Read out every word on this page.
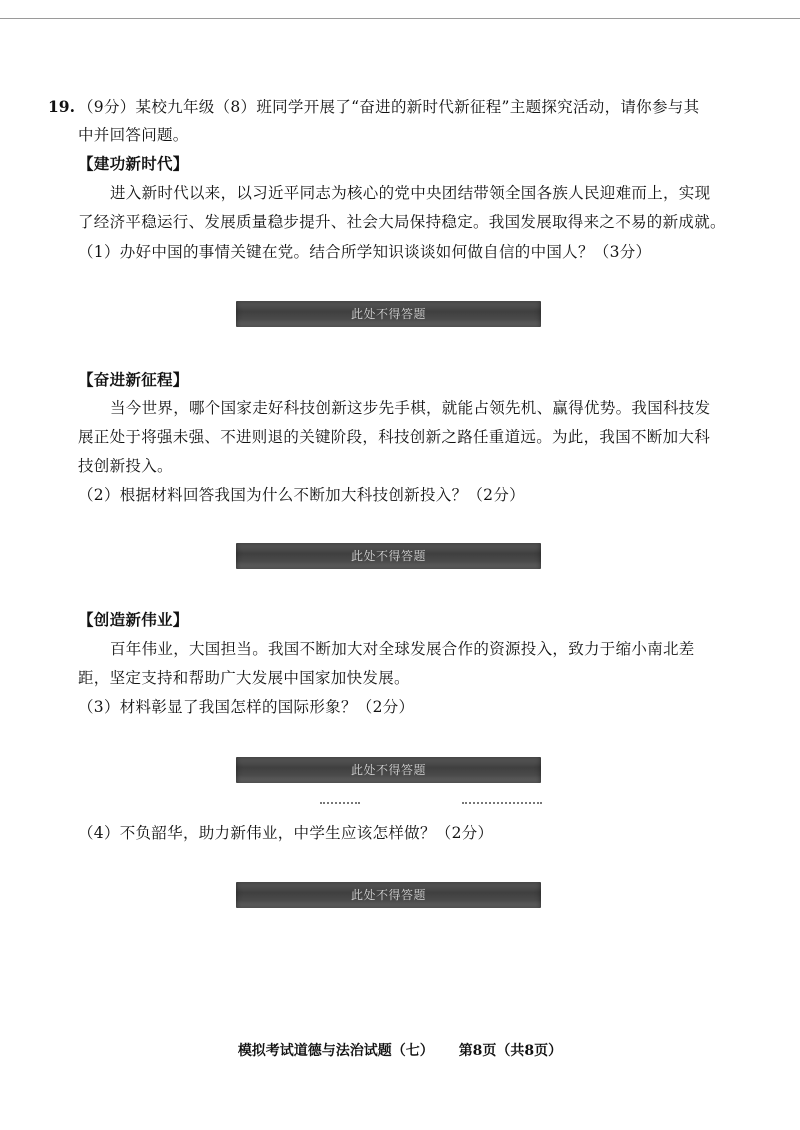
19. （9分）某校九年级（8）班同学开展了“奋进的新时代新征程”主题探究活动，请你参与其
中并回答问题。
【建功新时代】
进入新时代以来，以习近平同志为核心的党中央团结带领全国各族人民迎难而上，实现
了经济平稳运行、发展质量稳步提升、社会大局保持稳定。我国发展取得来之不易的新成就。
（1）办好中国的事情关键在党。结合所学知识谈谈如何做自信的中国人？（3分）
此处不得答题
【奋进新征程】
当今世界，哪个国家走好科技创新这步先手棋，就能占领先机、赢得优势。我国科技发
展正处于将强未强、不进则退的关键阶段，科技创新之路任重道远。为此，我国不断加大科
技创新投入。
（2）根据材料回答我国为什么不断加大科技创新投入？（2分）
此处不得答题
【创造新伟业】
百年伟业，大国担当。我国不断加大对全球发展合作的资源投入，致力于缩小南北差
距，坚定支持和帮助广大发展中国家加快发展。
（3）材料彰显了我国怎样的国际形象？（2分）
此处不得答题
（4）不负韶华，助力新伟业，中学生应该怎样做？（2分）
此处不得答题
模拟考试道德与法治试题（七） 第8页（共8页）
